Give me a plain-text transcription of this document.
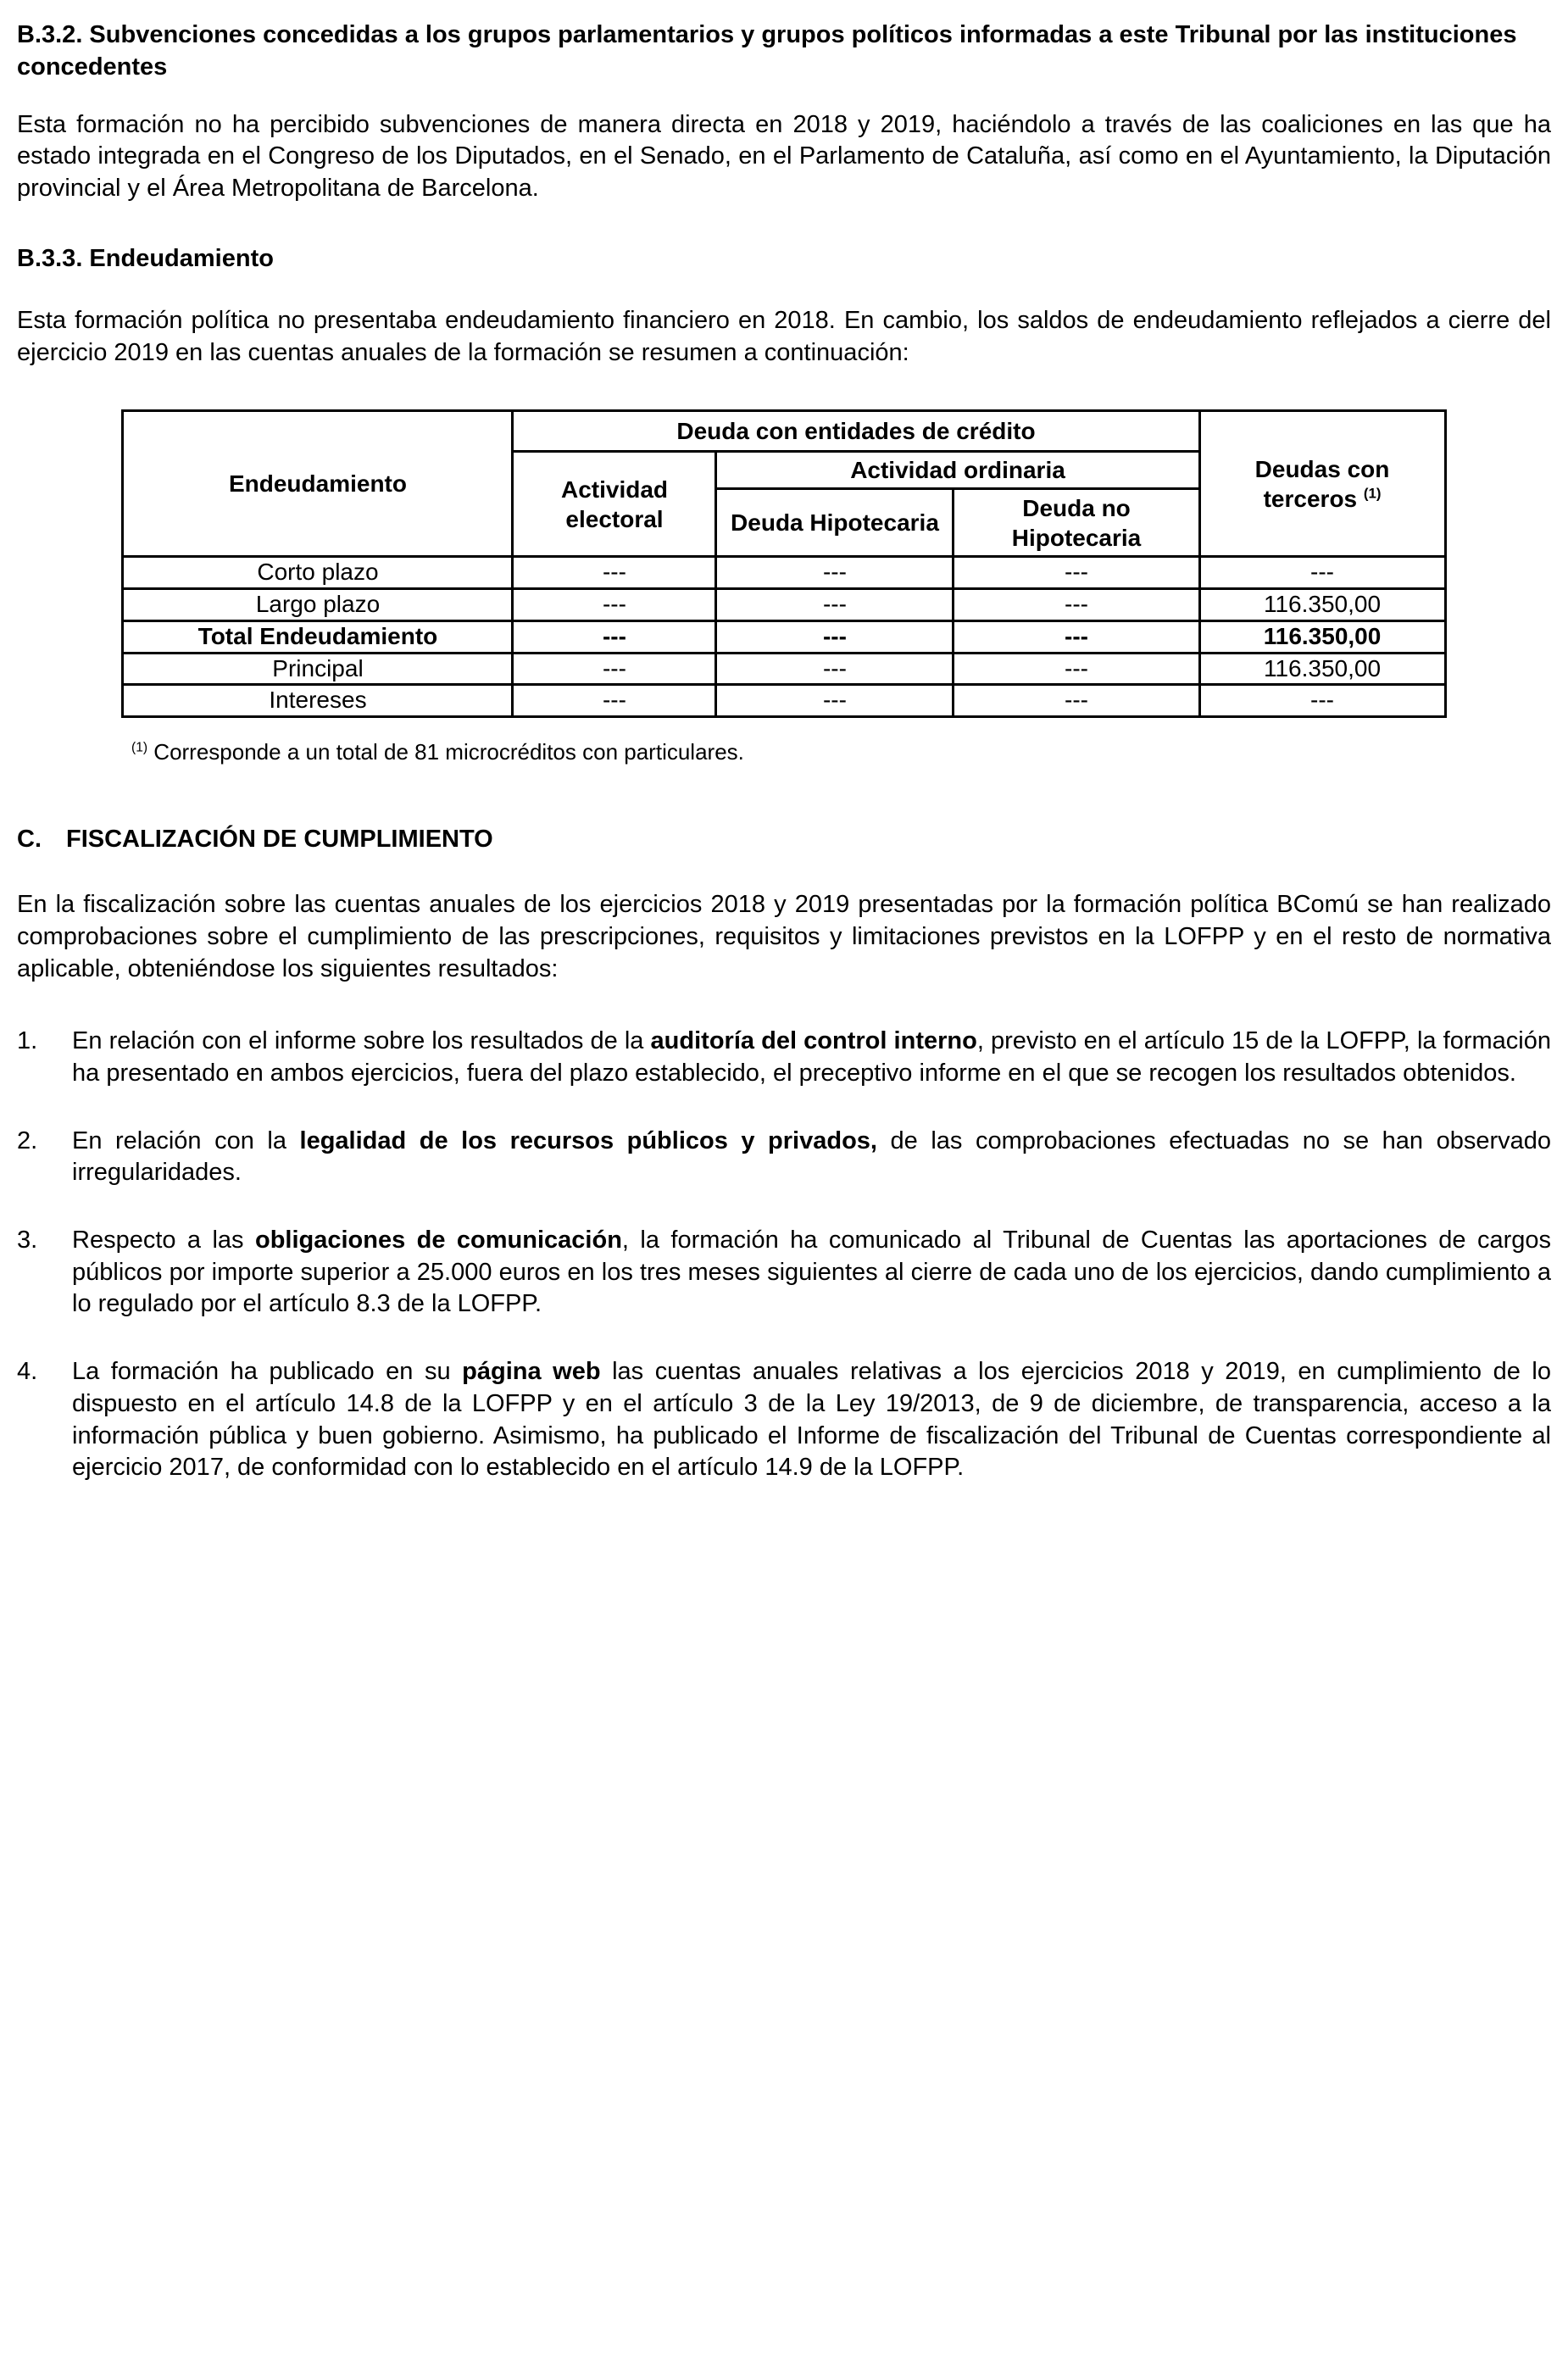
B.3.2. Subvenciones concedidas a los grupos parlamentarios y grupos políticos informadas a este Tribunal por las instituciones concedentes

Esta formación no ha percibido subvenciones de manera directa en 2018 y 2019, haciéndolo a través de las coaliciones en las que ha estado integrada en el Congreso de los Diputados, en el Senado, en el Parlamento de Cataluña, así como en el Ayuntamiento, la Diputación provincial y el Área Metropolitana de Barcelona.

B.3.3. Endeudamiento

Esta formación política no presentaba endeudamiento financiero en 2018. En cambio, los saldos de endeudamiento reflejados a cierre del ejercicio 2019 en las cuentas anuales de la formación se resumen a continuación:

Endeudamiento	Deuda con entidades de crédito			Deudas con terceros $^{(1)}$
	Actividad electoral	Actividad ordinaria		
		Deuda Hipotecaria	Deuda no Hipotecaria	
Corto plazo	---	---	---	---
Largo plazo	---	---	---	116.350,00
Total Endeudamiento	---	---	---	116.350,00
Principal	---	---	---	116.350,00
Intereses	---	---	---	---

$^{(1)}$ Corresponde a un total de 81 microcréditos con particulares.

C. FISCALIZACIÓN DE CUMPLIMIENTO

En la fiscalización sobre las cuentas anuales de los ejercicios 2018 y 2019 presentadas por la formación política BComú se han realizado comprobaciones sobre el cumplimiento de las prescripciones, requisitos y limitaciones previstos en la LOFPP y en el resto de normativa aplicable, obteniéndose los siguientes resultados:

1.	En relación con el informe sobre los resultados de la auditoría del control interno, previsto en el artículo 15 de la LOFPP, la formación ha presentado en ambos ejercicios, fuera del plazo establecido, el preceptivo informe en el que se recogen los resultados obtenidos.
2.	En relación con la legalidad de los recursos públicos y privados, de las comprobaciones efectuadas no se han observado irregularidades.
3.	Respecto a las obligaciones de comunicación, la formación ha comunicado al Tribunal de Cuentas las aportaciones de cargos públicos por importe superior a 25.000 euros en los tres meses siguientes al cierre de cada uno de los ejercicios, dando cumplimiento a lo regulado por el artículo 8.3 de la LOFPP.
4.	La formación ha publicado en su página web las cuentas anuales relativas a los ejercicios 2018 y 2019, en cumplimiento de lo dispuesto en el artículo 14.8 de la LOFPP y en el artículo 3 de la Ley 19/2013, de 9 de diciembre, de transparencia, acceso a la información pública y buen gobierno. Asimismo, ha publicado el Informe de fiscalización del Tribunal de Cuentas correspondiente al ejercicio 2017, de conformidad con lo establecido en el artículo 14.9 de la LOFPP.
